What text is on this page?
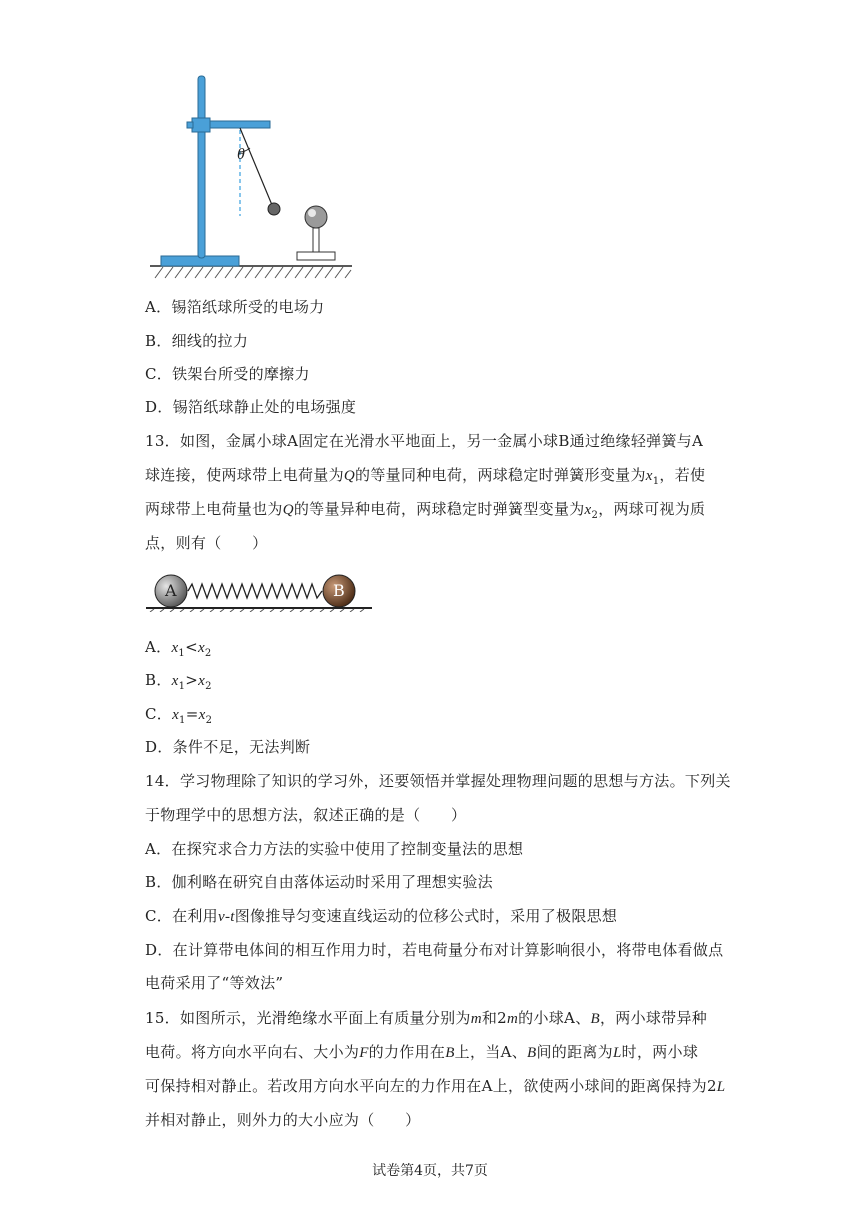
θ
A．锡箔纸球所受的电场力
B．细线的拉力
C．铁架台所受的摩擦力
D．锡箔纸球静止处的电场强度
13．如图，金属小球A固定在光滑水平地面上，另一金属小球B通过绝缘轻弹簧与A
球连接，使两球带上电荷量为Q的等量同种电荷，两球稳定时弹簧形变量为$x_1$，若使
两球带上电荷量也为Q的等量异种电荷，两球稳定时弹簧型变量为$x_2$，两球可视为质
点，则有（　　）
A	B
A．$x_1<x_2$
B．$x_1>x_2$
C．$x_1=x_2$
D．条件不足，无法判断
14．学习物理除了知识的学习外，还要领悟并掌握处理物理问题的思想与方法。下列关
于物理学中的思想方法，叙述正确的是（　　）
A．在探究求合力方法的实验中使用了控制变量法的思想
B．伽利略在研究自由落体运动时采用了理想实验法
C．在利用v-t图像推导匀变速直线运动的位移公式时，采用了极限思想
D．在计算带电体间的相互作用力时，若电荷量分布对计算影响很小，将带电体看做点
电荷采用了“等效法”
15．如图所示，光滑绝缘水平面上有质量分别为m和2m的小球A、B，两小球带异种
电荷。将方向水平向右、大小为F的力作用在B上，当A、B间的距离为L时，两小球
可保持相对静止。若改用方向水平向左的力作用在A上，欲使两小球间的距离保持为2L
并相对静止，则外力的大小应为（　　）
试卷第4页，共7页
